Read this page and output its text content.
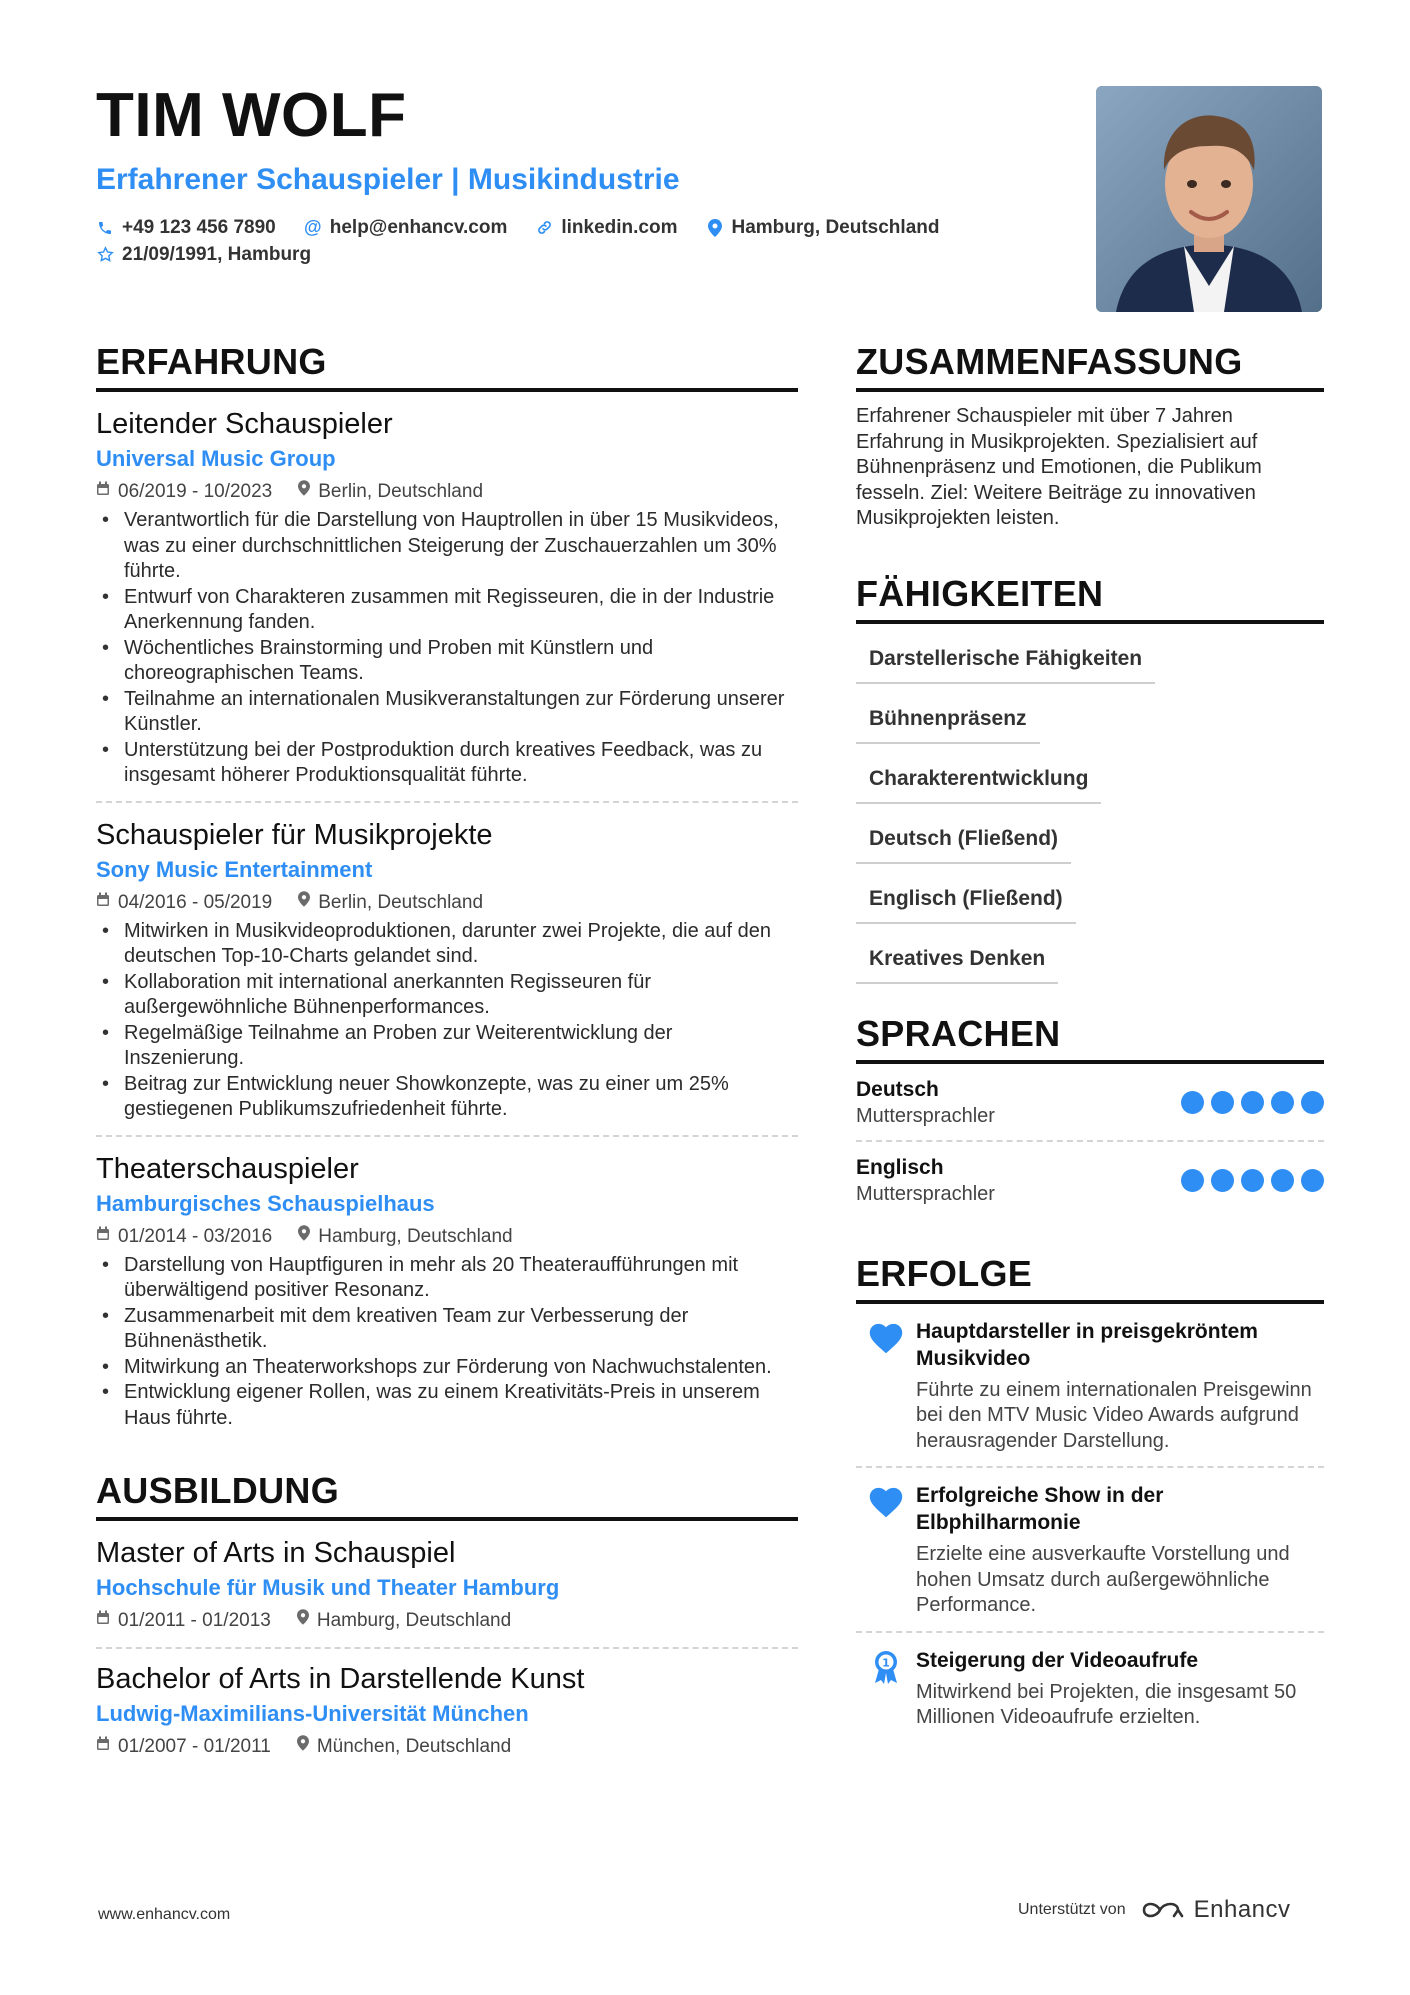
TIM WOLF
Erfahrener Schauspieler | Musikindustrie
+49 123 456 7890 @ help@enhancv.com	linkedin.com	Hamburg, Deutschland
21/09/1991, Hamburg
ERFAHRUNG
Leitender Schauspieler
Universal Music Group
06/2019 - 10/2023 Berlin, Deutschland
• Verantwortlich für die Darstellung von Hauptrollen in über 15 Musikvideos, was zu einer durchschnittlichen Steigerung der Zuschauerzahlen um 30% führte.
• Entwurf von Charakteren zusammen mit Regisseuren, die in der Industrie Anerkennung fanden.
• Wöchentliches Brainstorming und Proben mit Künstlern und choreographischen Teams.
• Teilnahme an internationalen Musikveranstaltungen zur Förderung unserer Künstler.
• Unterstützung bei der Postproduktion durch kreatives Feedback, was zu insgesamt höherer Produktionsqualität führte.
Schauspieler für Musikprojekte
Sony Music Entertainment
04/2016 - 05/2019 Berlin, Deutschland
• Mitwirken in Musikvideoproduktionen, darunter zwei Projekte, die auf den deutschen Top-10-Charts gelandet sind.
• Kollaboration mit international anerkannten Regisseuren für außergewöhnliche Bühnenperformances.
• Regelmäßige Teilnahme an Proben zur Weiterentwicklung der Inszenierung.
• Beitrag zur Entwicklung neuer Showkonzepte, was zu einer um 25% gestiegenen Publikumszufriedenheit führte.
Theaterschauspieler
Hamburgisches Schauspielhaus
01/2014 - 03/2016 Hamburg, Deutschland
• Darstellung von Hauptfiguren in mehr als 20 Theateraufführungen mit überwältigend positiver Resonanz.
• Zusammenarbeit mit dem kreativen Team zur Verbesserung der Bühnenästhetik.
• Mitwirkung an Theaterworkshops zur Förderung von Nachwuchstalenten.
• Entwicklung eigener Rollen, was zu einem Kreativitäts-Preis in unserem Haus führte.
AUSBILDUNG
Master of Arts in Schauspiel
Hochschule für Musik und Theater Hamburg
01/2011 - 01/2013 Hamburg, Deutschland
Bachelor of Arts in Darstellende Kunst
Ludwig-Maximilians-Universität München
01/2007 - 01/2011 München, Deutschland
ZUSAMMENFASSUNG
Erfahrener Schauspieler mit über 7 Jahren Erfahrung in Musikprojekten. Spezialisiert auf Bühnenpräsenz und Emotionen, die Publikum fesseln. Ziel: Weitere Beiträge zu innovativen Musikprojekten leisten.
FÄHIGKEITEN
Darstellerische Fähigkeiten
Bühnenpräsenz
Charakterentwicklung
Deutsch (Fließend)
Englisch (Fließend)
Kreatives Denken
SPRACHEN
Deutsch
Muttersprachler
Englisch
Muttersprachler
ERFOLGE
Hauptdarsteller in preisgekröntem Musikvideo
Führte zu einem internationalen Preisgewinn bei den MTV Music Video Awards aufgrund herausragender Darstellung.
Erfolgreiche Show in der Elbphilharmonie
Erzielte eine ausverkaufte Vorstellung und hohen Umsatz durch außergewöhnliche Performance.
1 Steigerung der Videoaufrufe
Mitwirkend bei Projekten, die insgesamt 50 Millionen Videoaufrufe erzielten.
www.enhancv.com	Unterstützt von	Enhancv
